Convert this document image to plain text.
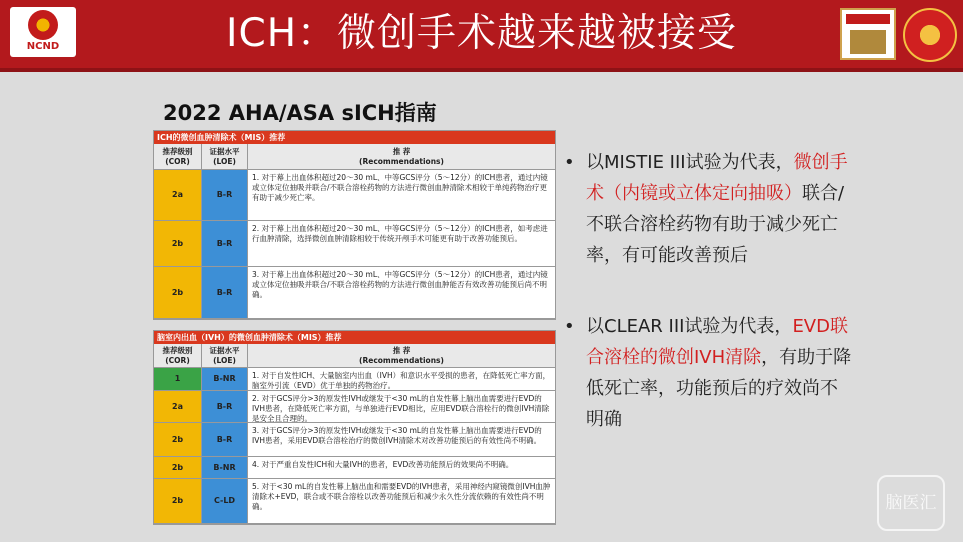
NCND	ICH：微创手术越来越被接受
2022 AHA/ASA sICH指南
ICH的微创血肿清除术（MIS）推荐
推荐级别
(COR)
证据水平
(LOE)
推 荐
(Recommendations)
2a	B-R
1. 对于幕上出血体积超过20～30 mL、中等GCS评分（5～12分）的ICH患者，通过内镜或立体定位抽吸并联合/不联合溶栓药物的方法进行微创血肿清除术相较于单纯药物治疗更有助于减少死亡率。
2b	B-R
2. 对于幕上出血体积超过20～30 mL、中等GCS评分（5～12分）的ICH患者，如考虑进行血肿清除，选择微创血肿清除相较于传统开颅手术可能更有助于改善功能预后。
2b	B-R
3. 对于幕上出血体积超过20～30 mL、中等GCS评分（5～12分）的ICH患者，通过内镜或立体定位抽吸并联合/不联合溶栓药物的方法进行微创血肿能否有效改善功能预后尚不明确。
脑室内出血（IVH）的微创血肿清除术（MIS）推荐
推荐级别
(COR)
证据水平
(LOE)
推 荐
(Recommendations)
1	B-NR	1. 对于自发性ICH、大量脑室内出血（IVH）和意识水平受损的患者，在降低死亡率方面，脑室外引流（EVD）优于单独的药物治疗。
2a	B-R
2. 对于GCS评分>3的原发性IVH或继发于<30 mL的自发性幕上脑出血需要进行EVD的IVH患者，在降低死亡率方面，与单独进行EVD相比，应用EVD联合溶栓行的微创IVH清除是安全且合理的。
2b	B-R
3. 对于GCS评分>3的原发性IVH或继发于<30 mL的自发性幕上脑出血需要进行EVD的IVH患者，采用EVD联合溶栓治疗的微创IVH清除术对改善功能预后的有效性尚不明确。
2b	B-NR	4. 对于严重自发性ICH和大量IVH的患者，EVD改善功能预后的效果尚不明确。
2b	C-LD
5. 对于<30 mL的自发性幕上脑出血和需要EVD的IVH患者，采用神经内窥镜微创IVH血肿清除术+EVD，联合或不联合溶栓以改善功能预后和减少永久性分流依赖的有效性尚不明确。
• 以MISTIE III试验为代表，微创手术（内镜或立体定向抽吸）联合/不联合溶栓药物有助于减少死亡率，有可能改善预后
• 以CLEAR III试验为代表，EVD联合溶栓的微创IVH清除，有助于降低死亡率，功能预后的疗效尚不明确
脑医汇
